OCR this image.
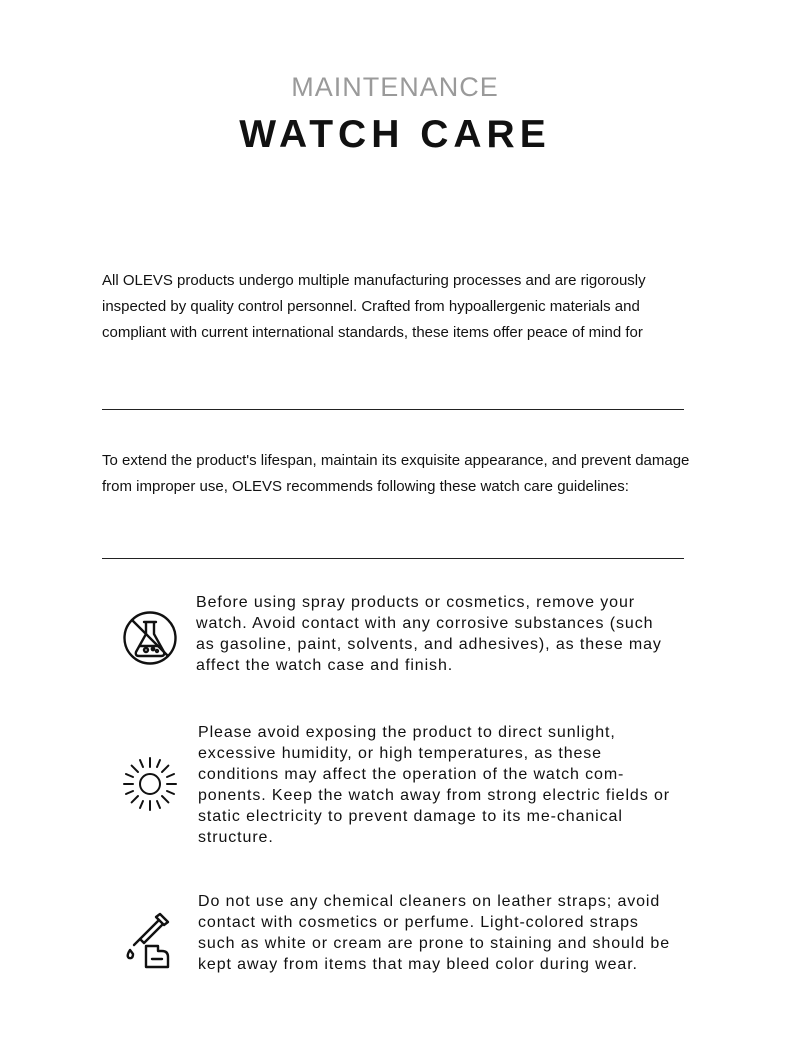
MAINTENANCE
WATCH CARE
All OLEVS products undergo multiple manufacturing processes and are rigorously inspected by quality control personnel. Crafted from hypoallergenic materials and compliant with current international standards, these items offer peace of mind for
To extend the product's lifespan, maintain its exquisite appearance, and prevent damage from improper use, OLEVS recommends following these watch care guidelines:
Before using spray products or cosmetics, remove your watch. Avoid contact with any corrosive substances (such as gasoline, paint, solvents, and adhesives), as these may affect the watch case and finish.
Please avoid exposing the product to direct sunlight, excessive humidity, or high temperatures, as these conditions may affect the operation of the watch com-ponents. Keep the watch away from strong electric fields or static electricity to prevent damage to its me-chanical structure.
Do not use any chemical cleaners on leather straps; avoid contact with cosmetics or perfume. Light-colored straps such as white or cream are prone to staining and should be kept away from items that may bleed color during wear.
